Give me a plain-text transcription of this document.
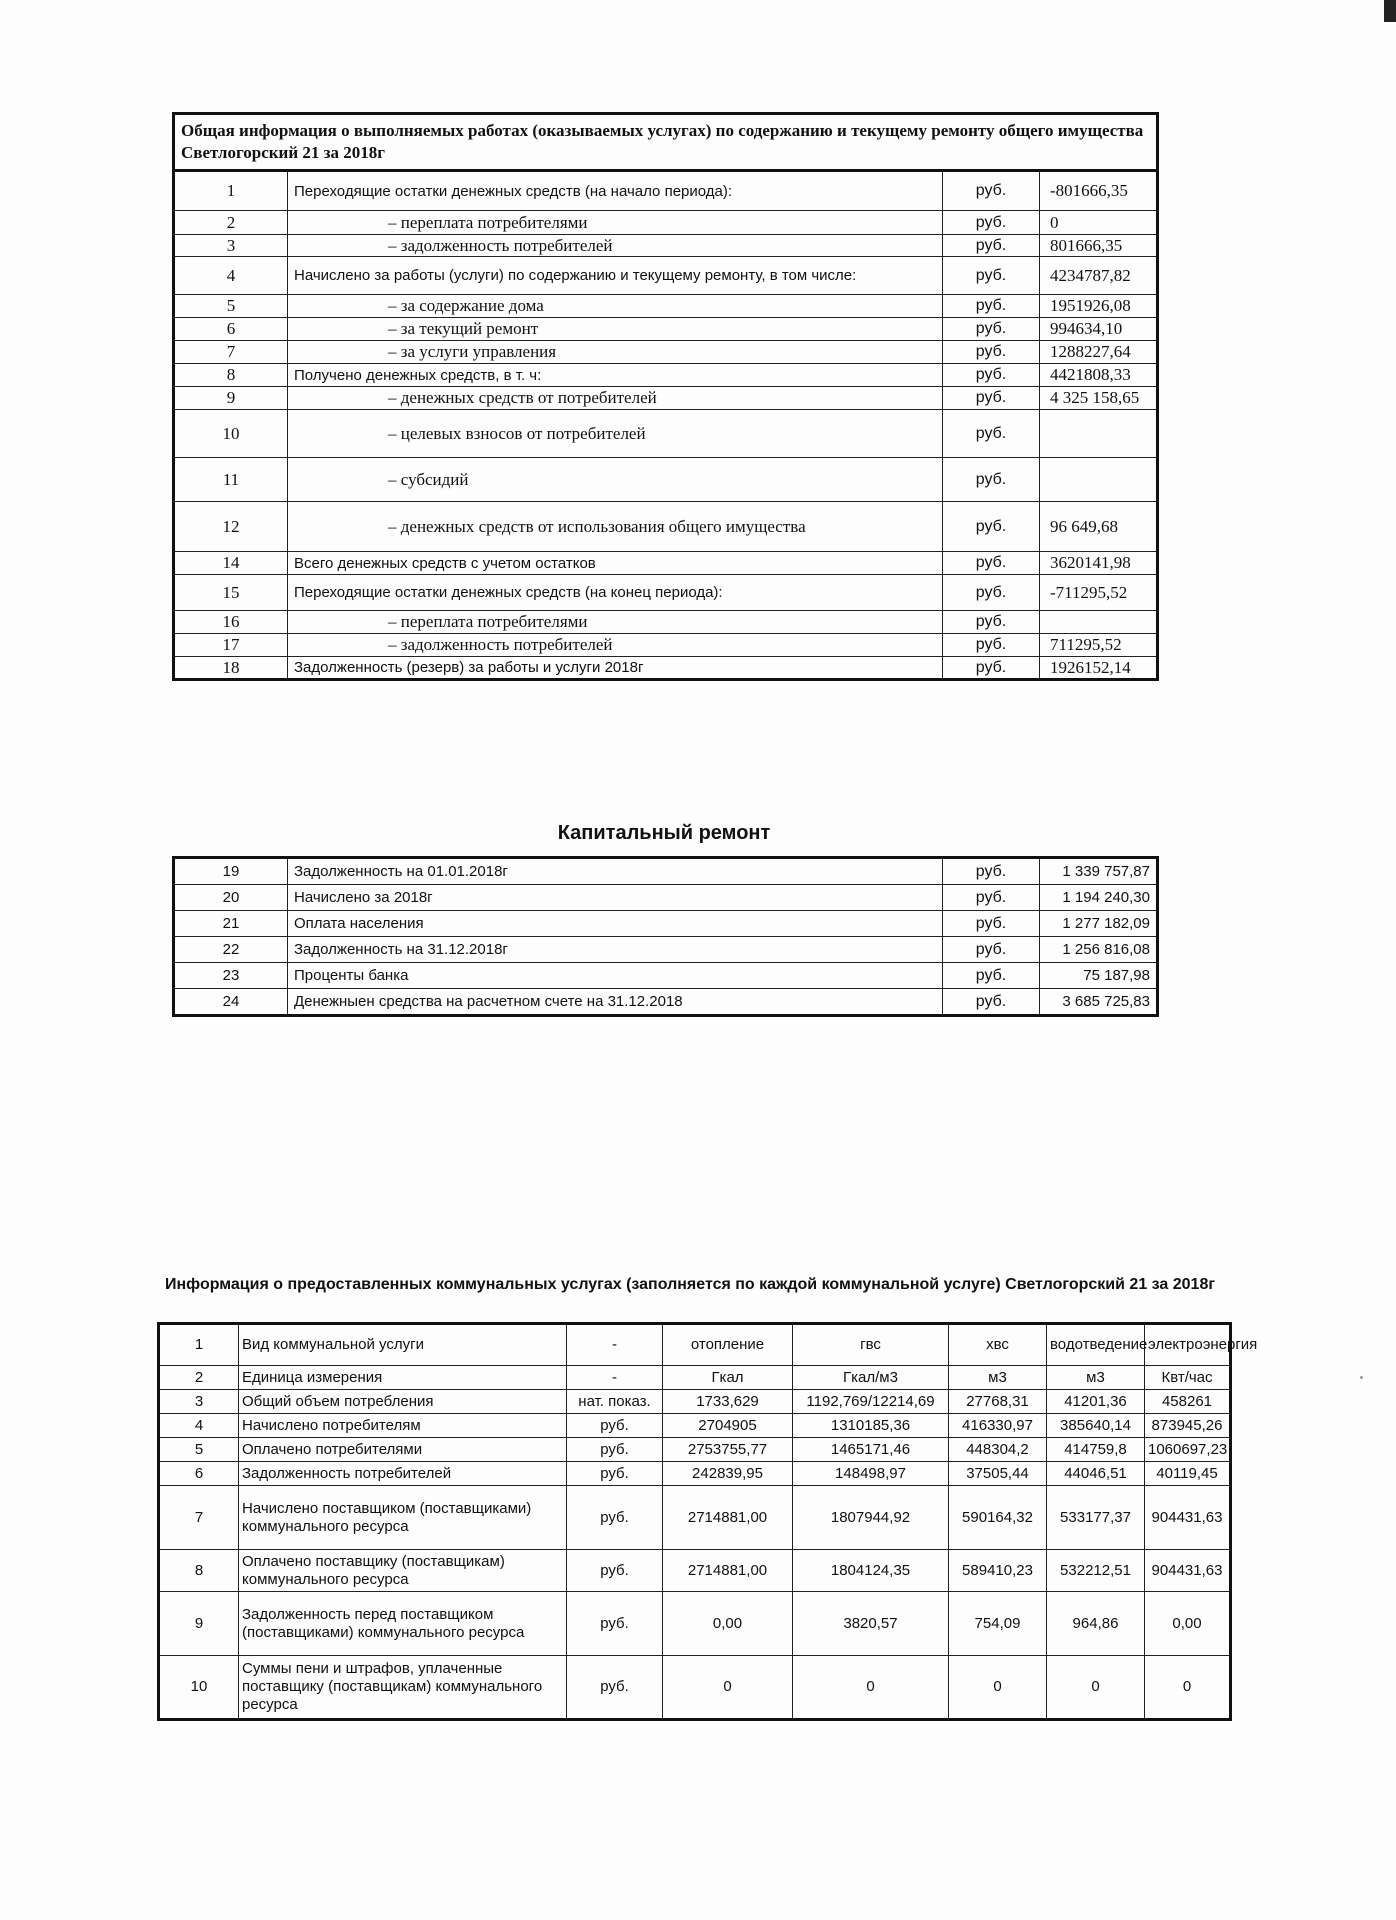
Общая информация о выполняемых работах (оказываемых услугах) по содержанию и текущему ремонту общего имущества Светлогорский 21 за 2018г			
1	Переходящие остатки денежных средств (на начало периода):	руб.	-801666,35
2	– переплата потребителями	руб.	0
3	– задолженность потребителей	руб.	801666,35
4	Начислено за работы (услуги) по содержанию и текущему ремонту, в том числе:	руб.	4234787,82
5	– за содержание дома	руб.	1951926,08
6	– за текущий ремонт	руб.	994634,10
7	– за услуги управления	руб.	1288227,64
8	Получено денежных средств, в т. ч:	руб.	4421808,33
9	– денежных средств от потребителей	руб.	4 325 158,65
10	– целевых взносов от потребителей	руб.	
11	– субсидий	руб.	
12	– денежных средств от использования общего имущества	руб.	96 649,68
14	Всего денежных средств с учетом остатков	руб.	3620141,98
15	Переходящие остатки денежных средств (на конец периода):	руб.	-711295,52
16	– переплата потребителями	руб.	
17	– задолженность потребителей	руб.	711295,52
18	Задолженность (резерв) за работы и услуги 2018г	руб.	1926152,14
Капитальный ремонт
19	Задолженность на 01.01.2018г	руб.	1 339 757,87
20	Начислено за 2018г	руб.	1 194 240,30
21	Оплата населения	руб.	1 277 182,09
22	Задолженность на 31.12.2018г	руб.	1 256 816,08
23	Проценты банка	руб.	75 187,98
24	Денежныен средства на расчетном счете на 31.12.2018	руб.	3 685 725,83
Информация о предоставленных коммунальных услугах (заполняется по каждой коммунальной услуге) Светлогорский 21 за 2018г
1	Вид коммунальной услуги	-	отопление	гвс	хвс	водотведение	электроэнергия
2	Единица измерения	-	Гкал	Гкал/м3	м3	м3	Квт/час
3	Общий объем потребления	нат. показ.	1733,629	1192,769/12214,69	27768,31	41201,36	458261
4	Начислено потребителям	руб.	2704905	1310185,36	416330,97	385640,14	873945,26
5	Оплачено потребителями	руб.	2753755,77	1465171,46	448304,2	414759,8	1060697,23
6	Задолженность потребителей	руб.	242839,95	148498,97	37505,44	44046,51	40119,45
7	Начислено поставщиком (поставщиками) коммунального ресурса	руб.	2714881,00	1807944,92	590164,32	533177,37	904431,63
8	Оплачено поставщику (поставщикам) коммунального ресурса	руб.	2714881,00	1804124,35	589410,23	532212,51	904431,63
9	Задолженность перед поставщиком (поставщиками) коммунального ресурса	руб.	0,00	3820,57	754,09	964,86	0,00
10	Суммы пени и штрафов, уплаченные поставщику (поставщикам) коммунального ресурса	руб.	0	0	0	0	0
